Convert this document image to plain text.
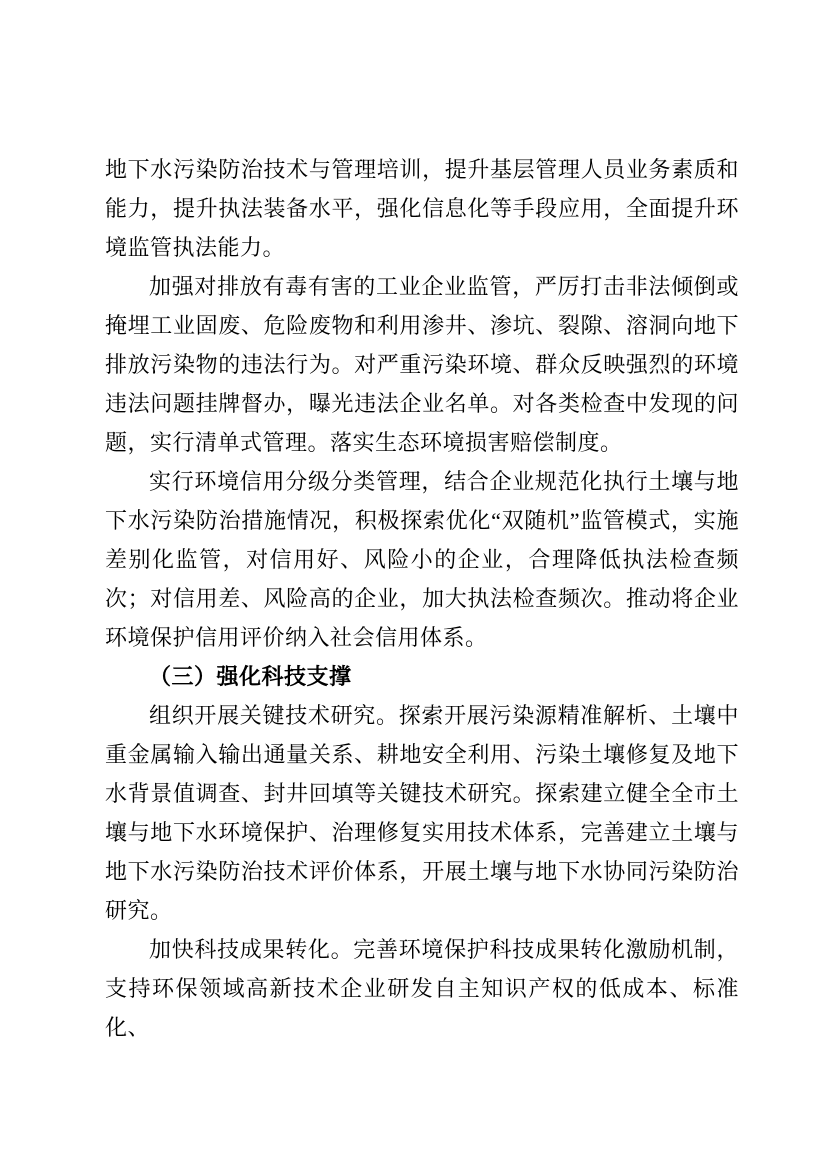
地下水污染防治技术与管理培训，提升基层管理人员业务素质和能力，提升执法装备水平，强化信息化等手段应用，全面提升环境监管执法能力。

加强对排放有毒有害的工业企业监管，严厉打击非法倾倒或掩埋工业固废、危险废物和利用渗井、渗坑、裂隙、溶洞向地下排放污染物的违法行为。对严重污染环境、群众反映强烈的环境违法问题挂牌督办，曝光违法企业名单。对各类检查中发现的问题，实行清单式管理。落实生态环境损害赔偿制度。

实行环境信用分级分类管理，结合企业规范化执行土壤与地下水污染防治措施情况，积极探索优化“双随机”监管模式，实施差别化监管，对信用好、风险小的企业，合理降低执法检查频次；对信用差、风险高的企业，加大执法检查频次。推动将企业环境保护信用评价纳入社会信用体系。

（三）强化科技支撑

组织开展关键技术研究。探索开展污染源精准解析、土壤中重金属输入输出通量关系、耕地安全利用、污染土壤修复及地下水背景值调查、封井回填等关键技术研究。探索建立健全全市土壤与地下水环境保护、治理修复实用技术体系，完善建立土壤与地下水污染防治技术评价体系，开展土壤与地下水协同污染防治研究。

加快科技成果转化。完善环境保护科技成果转化激励机制，支持环保领域高新技术企业研发自主知识产权的低成本、标准化、
